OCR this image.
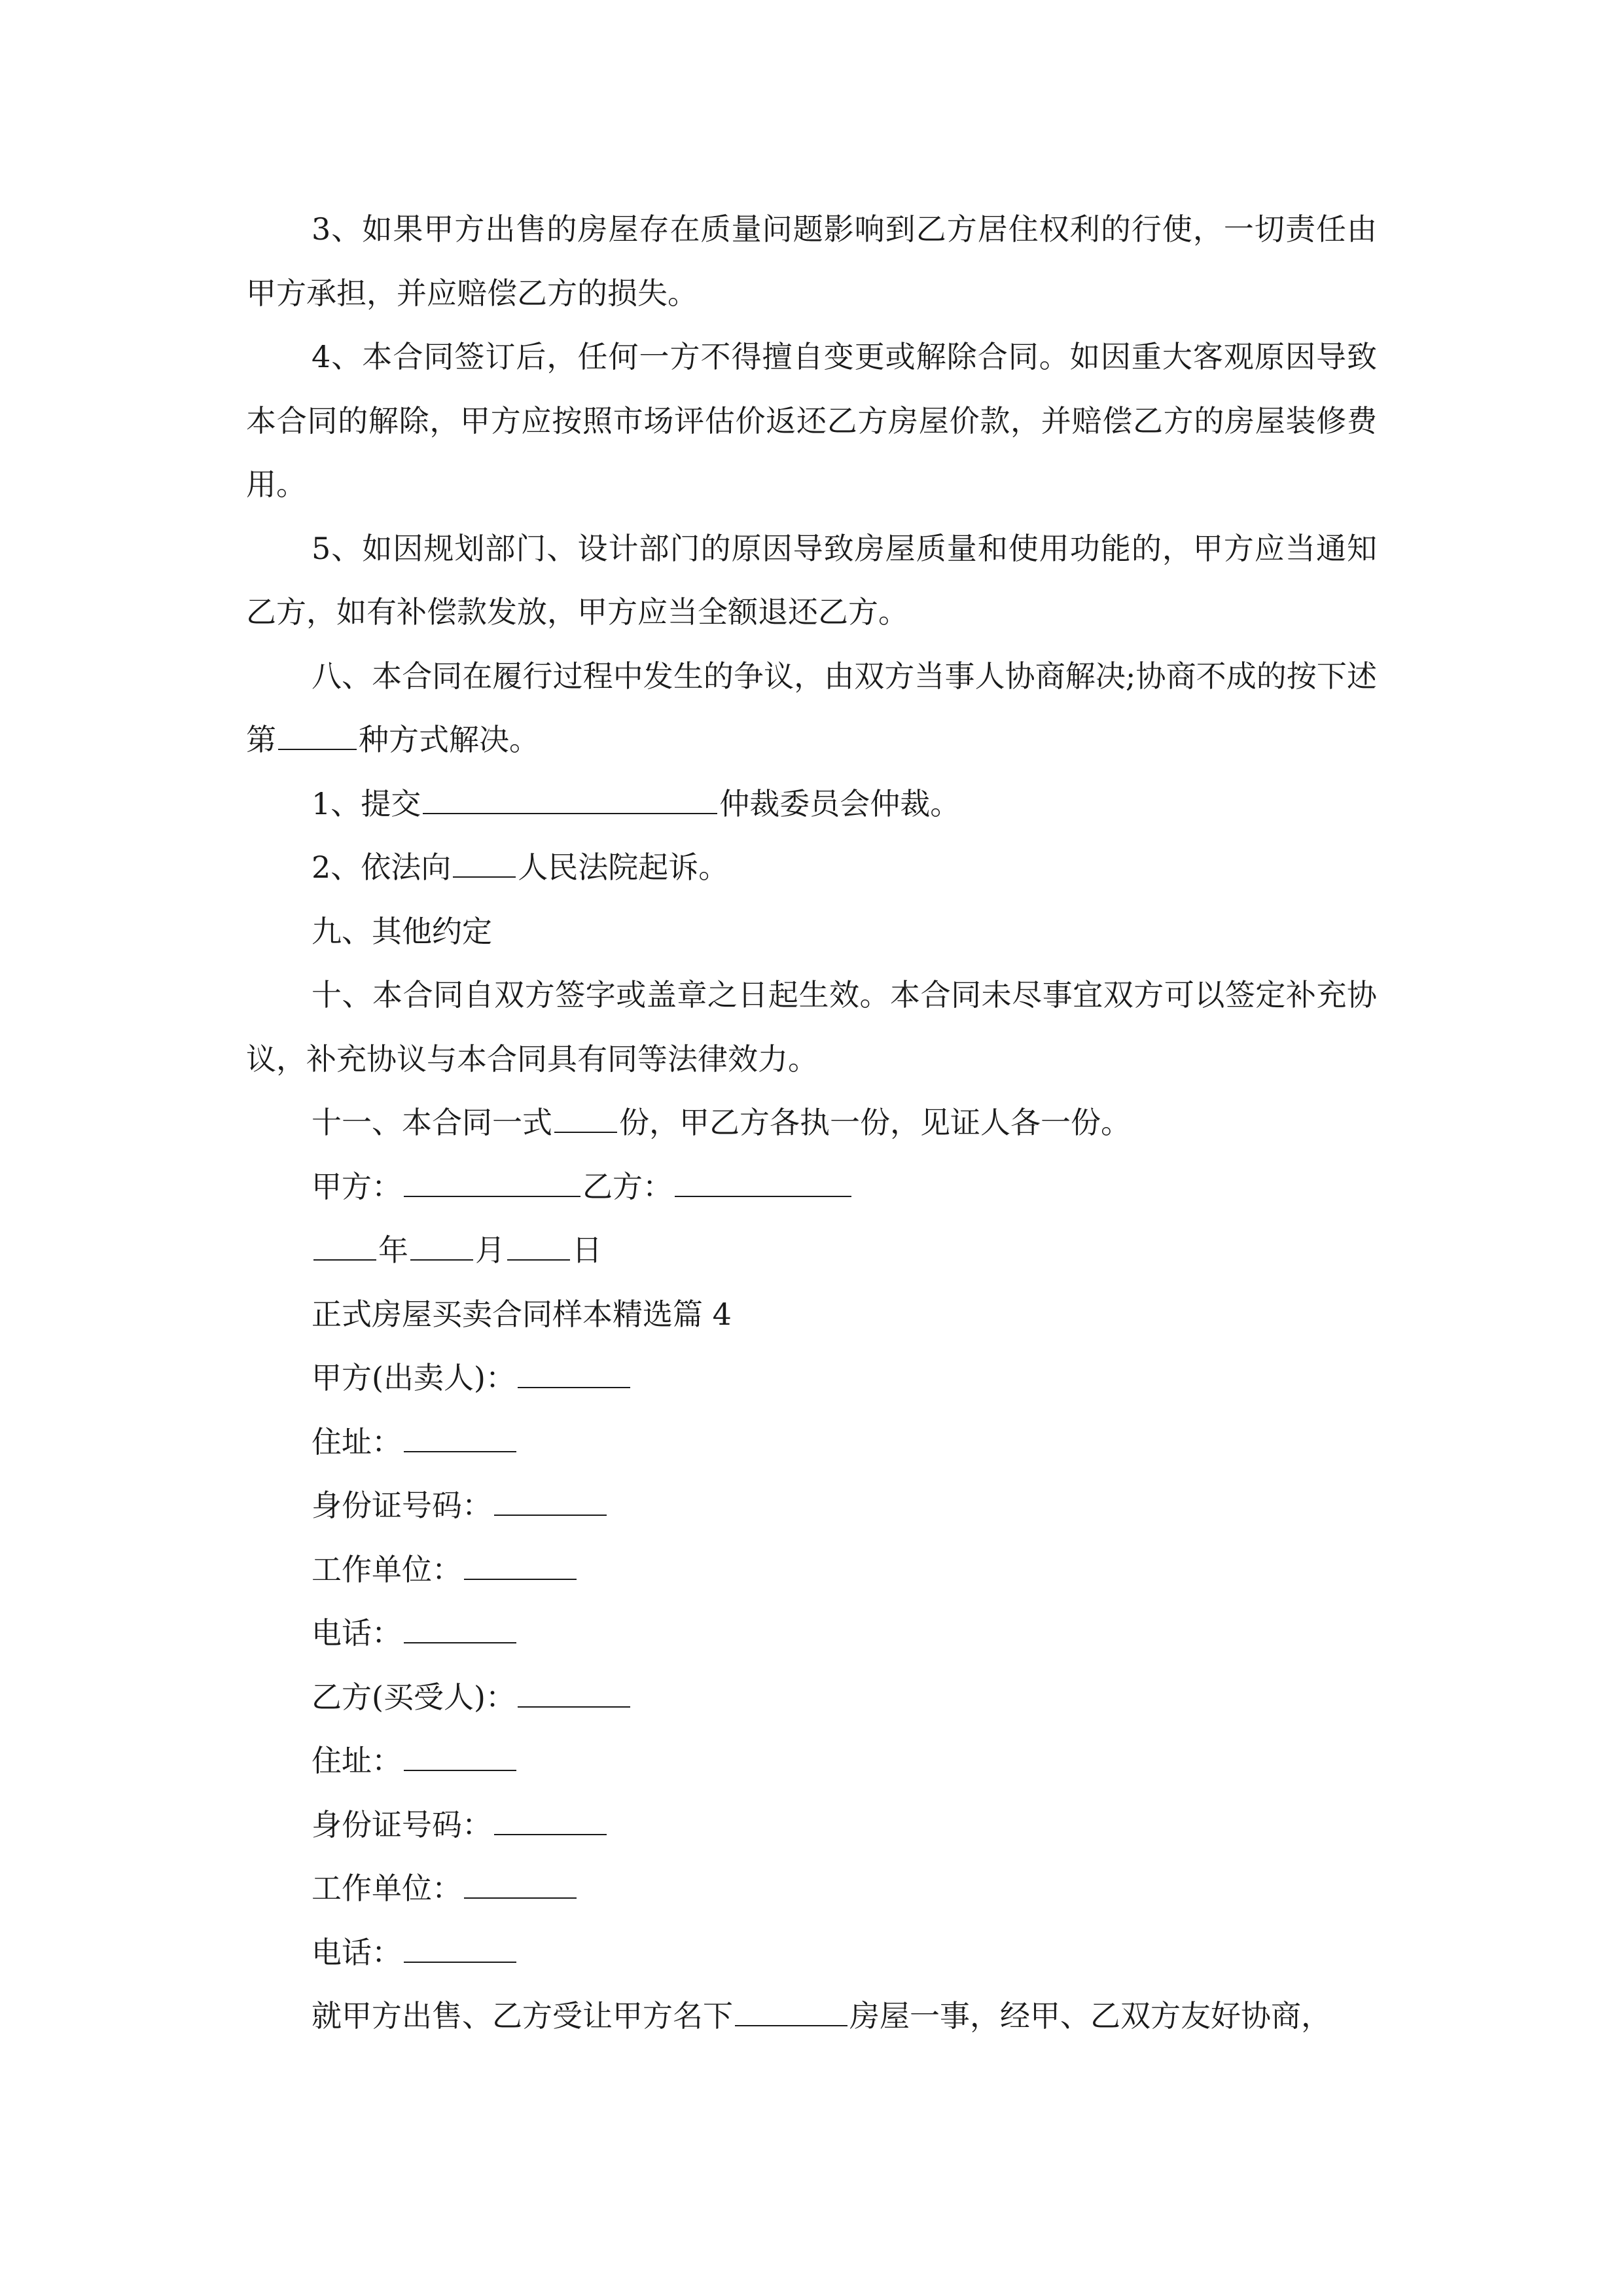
3、如果甲方出售的房屋存在质量问题影响到乙方居住权利的行使，一切责任由甲方承担，并应赔偿乙方的损失。

4、本合同签订后，任何一方不得擅自变更或解除合同。如因重大客观原因导致本合同的解除，甲方应按照市场评估价返还乙方房屋价款，并赔偿乙方的房屋装修费用。

5、如因规划部门、设计部门的原因导致房屋质量和使用功能的，甲方应当通知乙方，如有补偿款发放，甲方应当全额退还乙方。

八、本合同在履行过程中发生的争议，由双方当事人协商解决;协商不成的按下述第	种方式解决。

1、提交	仲裁委员会仲裁。

2、依法向 人民法院起诉。

九、其他约定

十、本合同自双方签字或盖章之日起生效。本合同未尽事宜双方可以签定补充协议，补充协议与本合同具有同等法律效力。

十一、本合同一式 份，甲乙方各执一份，见证人各一份。

甲方：	乙方：

年 月 日

正式房屋买卖合同样本精选篇 4

甲方(出卖人)：

住址：

身份证号码：

工作单位：

电话：

乙方(买受人)：

住址：

身份证号码：

工作单位：

电话：

就甲方出售、乙方受让甲方名下	房屋一事，经甲、乙双方友好协商，
